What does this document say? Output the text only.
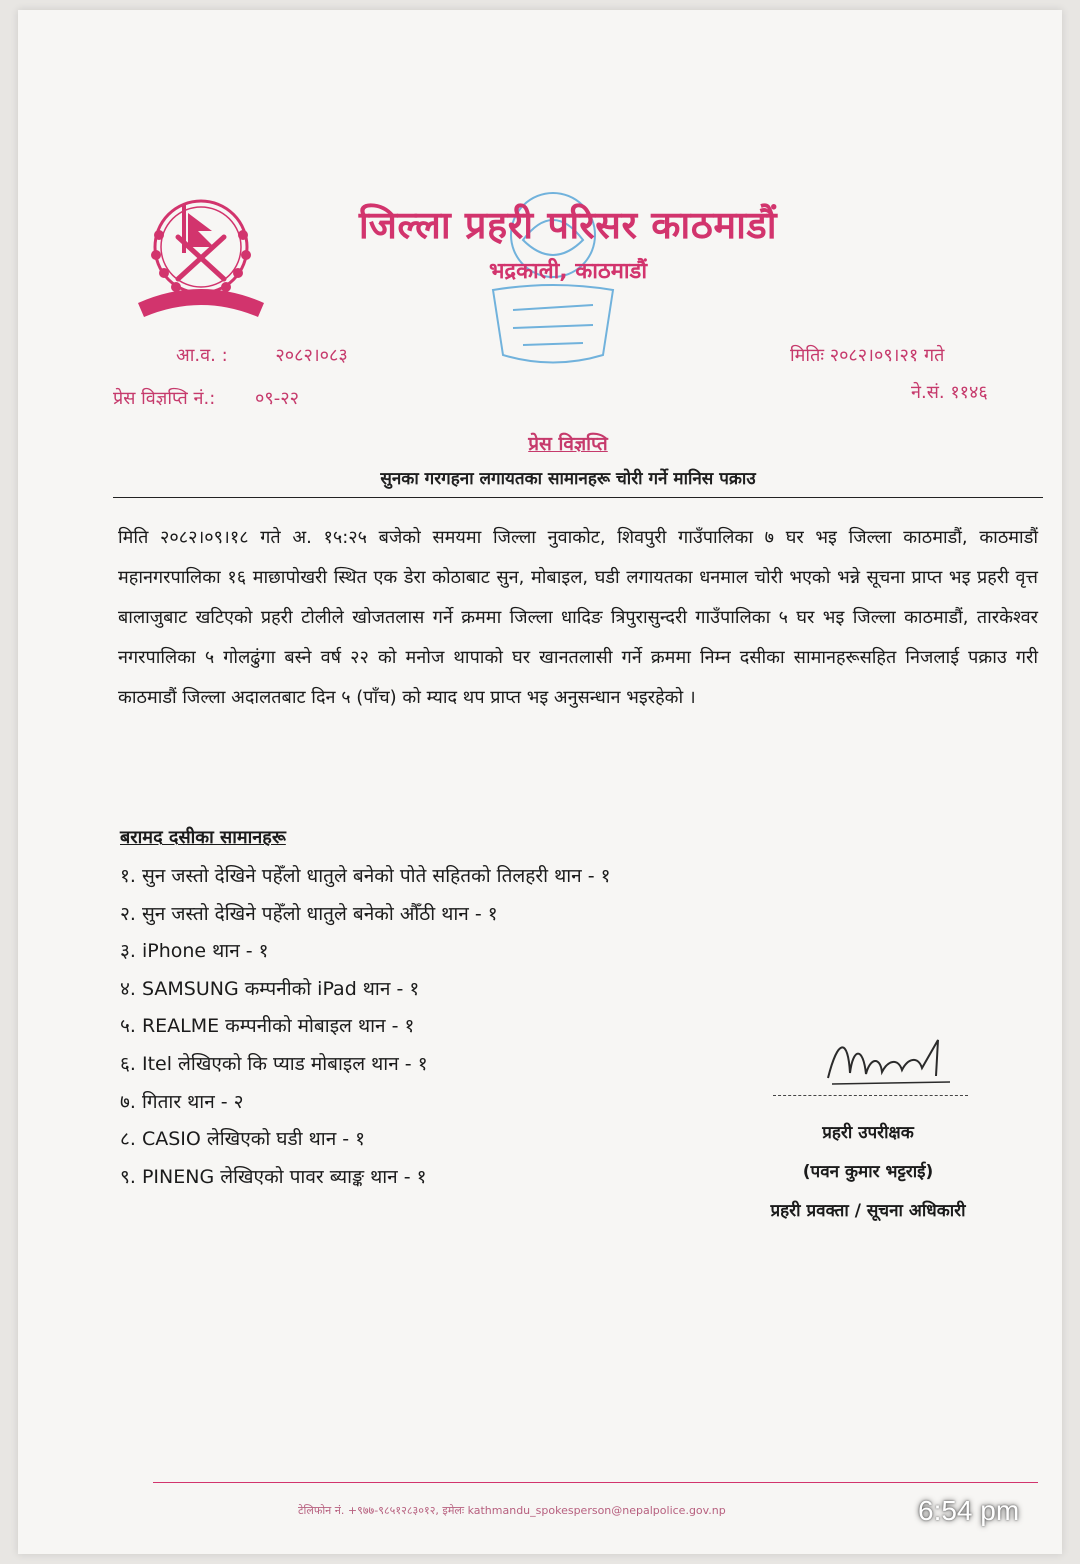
जिल्ला प्रहरी परिसर काठमाडौं
भद्रकाली, काठमाडौं
आ.व. :	२०८२।०८३
प्रेस विज्ञप्ति नं.: ०९-२२
मितिः २०८२।०९।२१ गते
ने.सं. ११४६
प्रेस विज्ञप्ति
सुनका गरगहना लगायतका सामानहरू चोरी गर्ने मानिस पक्राउ
मिति २०८२।०९।१८ गते अ. १५:२५ बजेको समयमा जिल्ला नुवाकोट, शिवपुरी गाउँपालिका ७ घर भइ जिल्ला काठमाडौं, काठमाडौं महानगरपालिका १६ माछापोखरी स्थित एक डेरा कोठाबाट सुन, मोबाइल, घडी लगायतका धनमाल चोरी भएको भन्ने सूचना प्राप्त भइ प्रहरी वृत्त बालाजुबाट खटिएको प्रहरी टोलीले खोजतलास गर्ने क्रममा जिल्ला धादिङ त्रिपुरासुन्दरी गाउँपालिका ५ घर भइ जिल्ला काठमाडौं, तारकेश्वर नगरपालिका ५ गोलढुंगा बस्ने वर्ष २२ को मनोज थापाको घर खानतलासी गर्ने क्रममा निम्न दसीका सामानहरूसहित निजलाई पक्राउ गरी काठमाडौं जिल्ला अदालतबाट दिन ५ (पाँच) को म्याद थप प्राप्त भइ अनुसन्धान भइरहेको ।
बरामद दसीका सामानहरू
१. सुन जस्तो देखिने पहेँलो धातुले बनेको पोते सहितको तिलहरी थान - १
२. सुन जस्तो देखिने पहेँलो धातुले बनेको औँठी थान - १
३. iPhone थान - १
४. SAMSUNG कम्पनीको iPad थान - १
५. REALME कम्पनीको मोबाइल थान - १
६. Itel लेखिएको कि प्याड मोबाइल थान - १
७. गितार थान - २
८. CASIO लेखिएको घडी थान - १
९. PINENG लेखिएको पावर ब्याङ्क थान - १
प्रहरी उपरीक्षक
(पवन कुमार भट्टराई)
प्रहरी प्रवक्ता / सूचना अधिकारी
टेलिफोन नं. +९७७-९८५१२८३०१२, इमेलः kathmandu_spokesperson@nepalpolice.gov.np	6:54 pm
